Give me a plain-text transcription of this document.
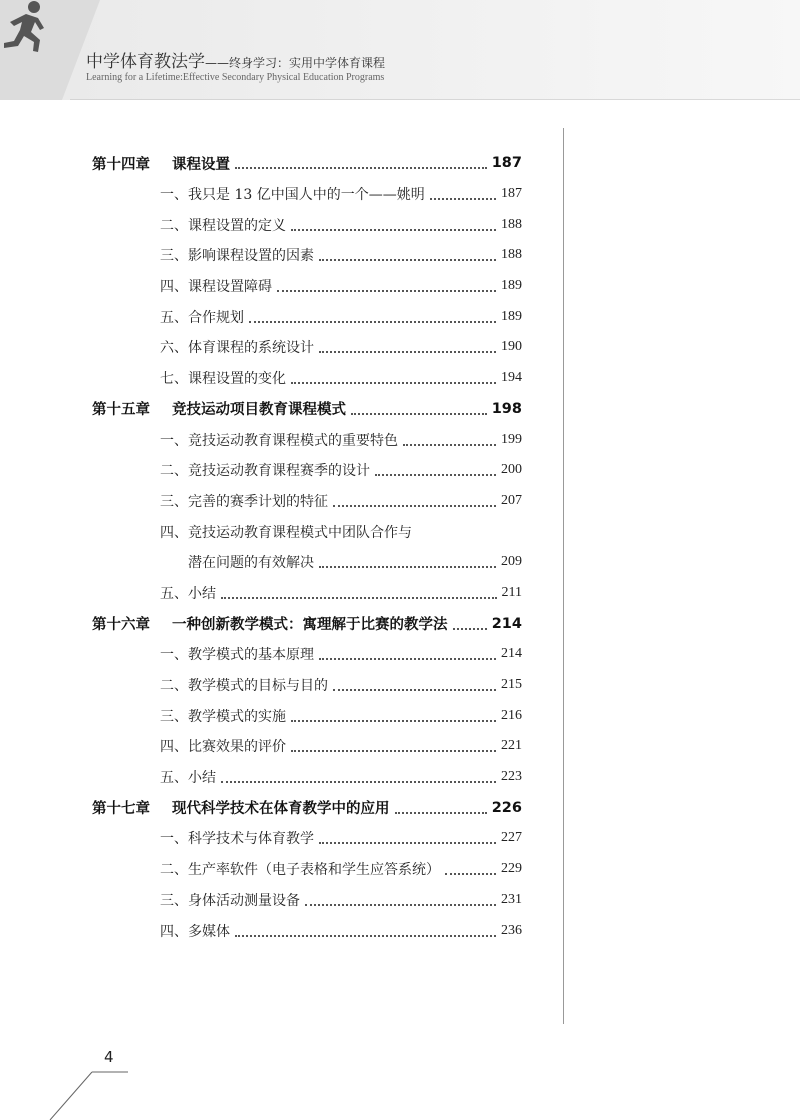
中学体育教法学——终身学习：实用中学体育课程
Learning for a Lifetime:Effective Secondary Physical Education Programs
第十四章 课程设置	187
一、我只是 13 亿中国人中的一个——姚明	187
二、课程设置的定义	188
三、影响课程设置的因素	188
四、课程设置障碍	189
五、合作规划	189
六、体育课程的系统设计	190
七、课程设置的变化	194
第十五章 竞技运动项目教育课程模式	198
一、竞技运动教育课程模式的重要特色	199
二、竞技运动教育课程赛季的设计	200
三、完善的赛季计划的特征	207
四、竞技运动教育课程模式中团队合作与
潜在问题的有效解决	209
五、小结	211
第十六章 一种创新教学模式：寓理解于比赛的教学法	214
一、教学模式的基本原理	214
二、教学模式的目标与目的	215
三、教学模式的实施	216
四、比赛效果的评价	221
五、小结	223
第十七章 现代科学技术在体育教学中的应用	226
一、科学技术与体育教学	227
二、生产率软件（电子表格和学生应答系统）	229
三、身体活动测量设备	231
四、多媒体	236
4
